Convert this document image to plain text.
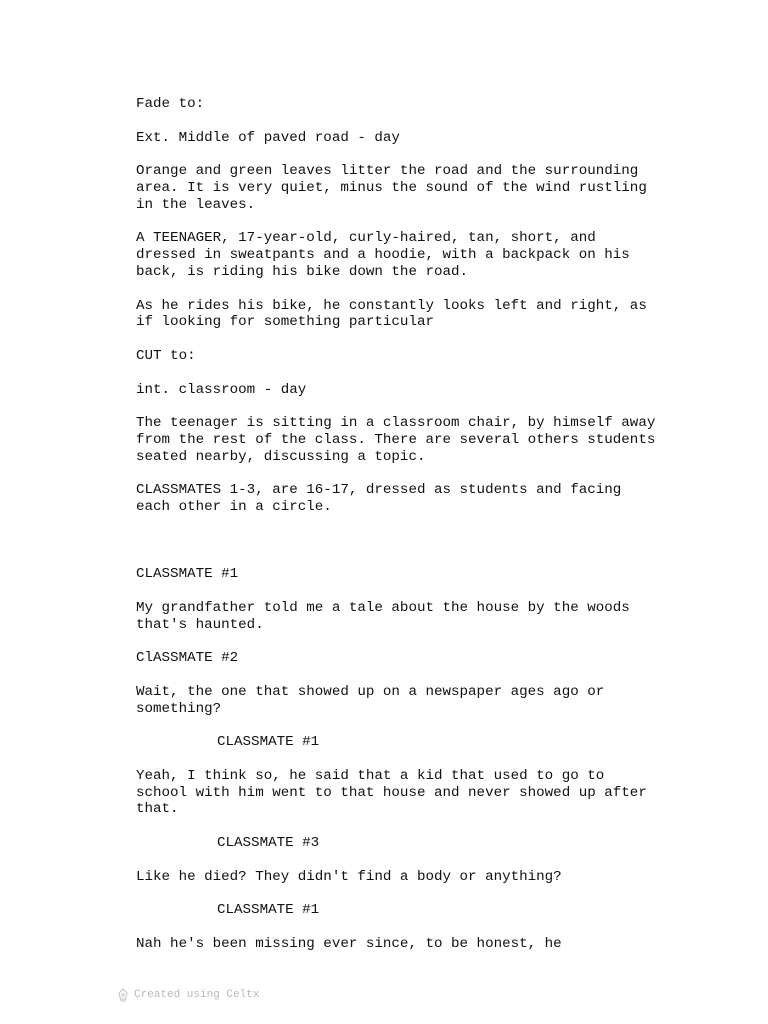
Fade to:
Ext. Middle of paved road - day
Orange and green leaves litter the road and the surrounding
area. It is very quiet, minus the sound of the wind rustling
in the leaves.
A TEENAGER, 17-year-old, curly-haired, tan, short, and
dressed in sweatpants and a hoodie, with a backpack on his
back, is riding his bike down the road.
As he rides his bike, he constantly looks left and right, as
if looking for something particular
CUT to:
int. classroom - day
The teenager is sitting in a classroom chair, by himself away
from the rest of the class. There are several others students
seated nearby, discussing a topic.
CLASSMATES 1-3, are 16-17, dressed as students and facing
each other in a circle.
CLASSMATE #1
My grandfather told me a tale about the house by the woods
that's haunted.
ClASSMATE #2
Wait, the one that showed up on a newspaper ages ago or
something?
CLASSMATE #1
Yeah, I think so, he said that a kid that used to go to
school with him went to that house and never showed up after
that.
CLASSMATE #3
Like he died? They didn't find a body or anything?
CLASSMATE #1
Nah he's been missing ever since, to be honest, he
Created using Celtx
